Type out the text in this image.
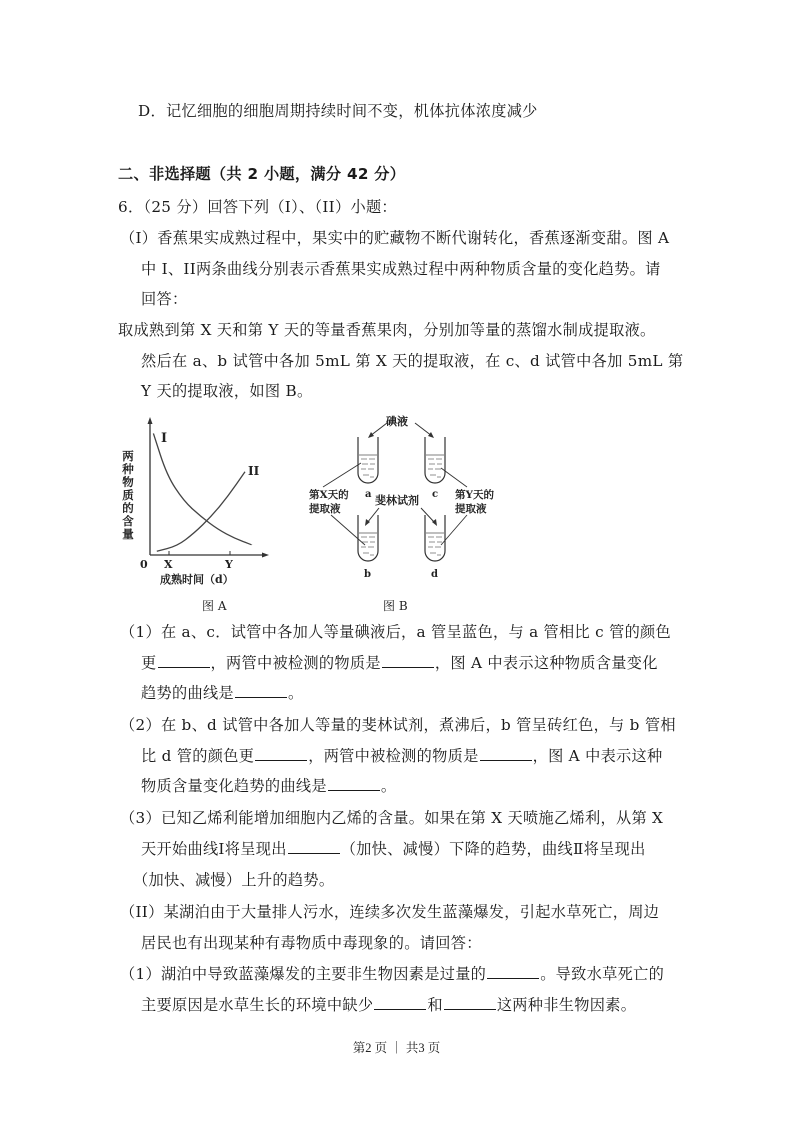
D．记忆细胞的细胞周期持续时间不变，机体抗体浓度减少
二、非选择题（共 2 小题，满分 42 分）
6．（25 分）回答下列（I）、（II）小题：
（I）香蕉果实成熟过程中，果实中的贮藏物不断代谢转化，香蕉逐渐变甜。图 A
中 I、II两条曲线分别表示香蕉果实成熟过程中两种物质含量的变化趋势。请
回答：
取成熟到第 X 天和第 Y 天的等量香蕉果肉，分别加等量的蒸馏水制成提取液。
然后在 a、b 试管中各加 5mL 第 X 天的提取液，在 c、d 试管中各加 5mL 第
Y 天的提取液，如图 B。
I
II
0 X	Y
成熟时间（d）
图 A
两种物质的含量
a	c
b	d
碘液
斐林试剂
第X天的
提取液
第Y天的
提取液
图 B
（1）在 a、c．试管中各加人等量碘液后，a 管呈蓝色，与 a 管相比 c 管的颜色
更	，两管中被检测的物质是	，图 A 中表示这种物质含量变化
趋势的曲线是	。
（2）在 b、d 试管中各加人等量的斐林试剂，煮沸后，b 管呈砖红色，与 b 管相
比 d 管的颜色更	，两管中被检测的物质是	，图 A 中表示这种
物质含量变化趋势的曲线是	。
（3）已知乙烯利能增加细胞内乙烯的含量。如果在第 X 天喷施乙烯利，从第 X
天开始曲线Ⅰ将呈现出	（加快、减慢）下降的趋势，曲线Ⅱ将呈现出
（加快、减慢）上升的趋势。
（II）某湖泊由于大量排人污水，连续多次发生蓝藻爆发，引起水草死亡，周边
居民也有出现某种有毒物质中毒现象的。请回答：
（1）湖泊中导致蓝藻爆发的主要非生物因素是过量的	。导致水草死亡的
主要原因是水草生长的环境中缺少	和	这两种非生物因素。
第2 页 ｜ 共3 页
